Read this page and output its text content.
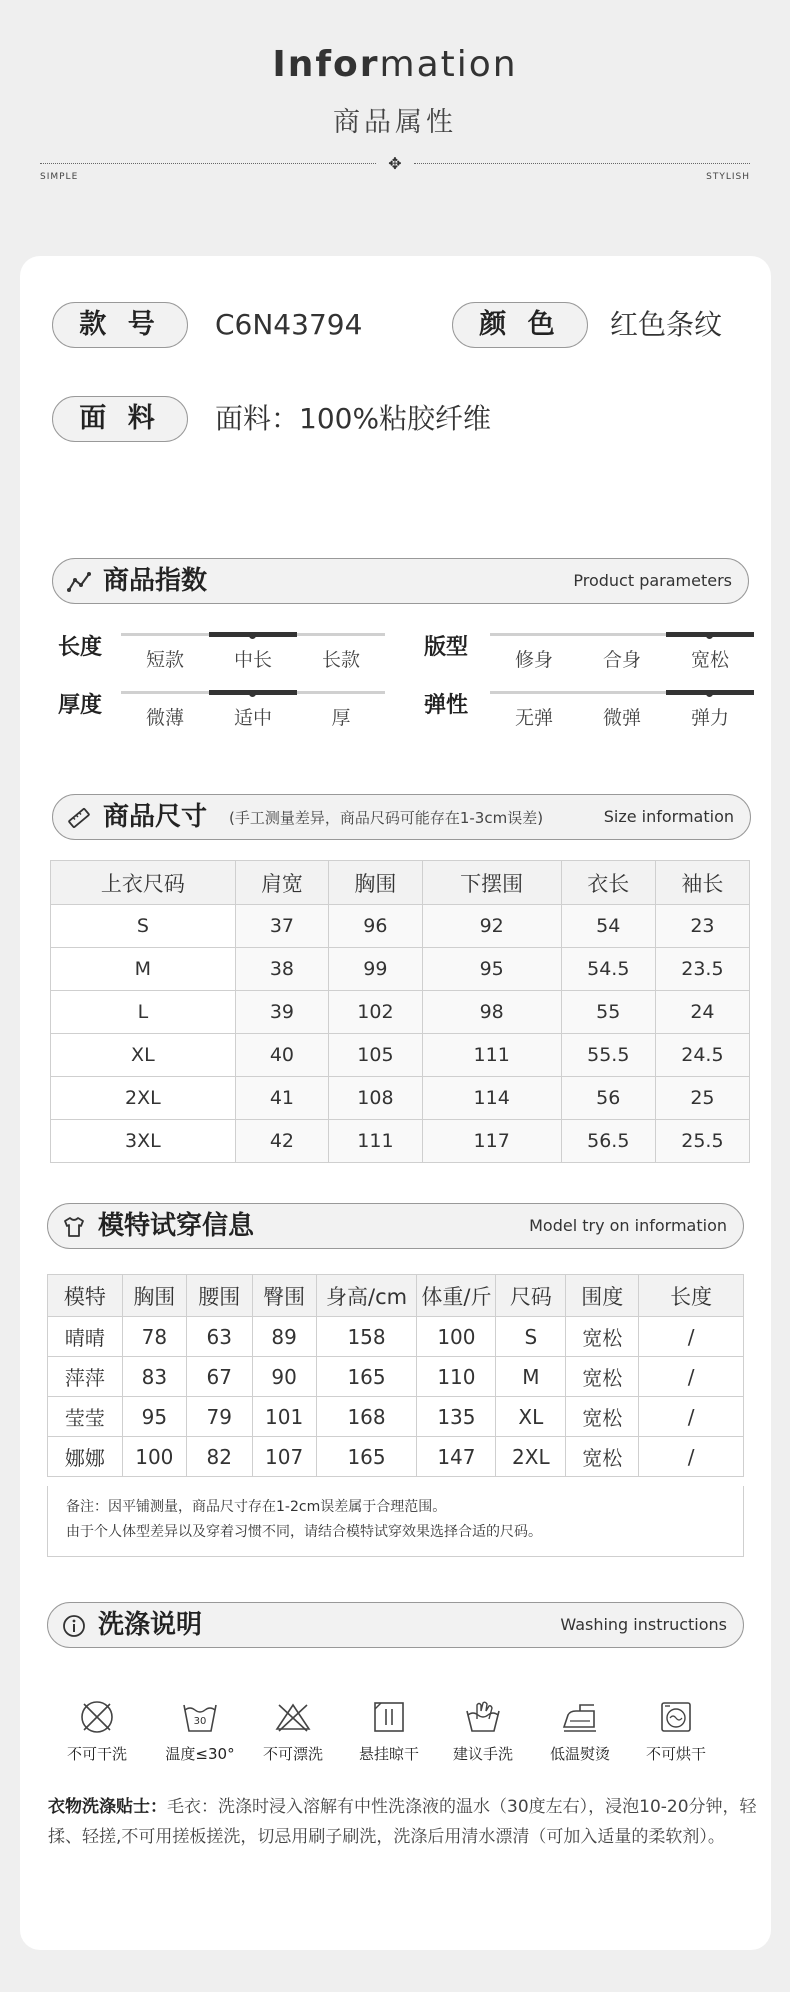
Information
商品属性
✥
SIMPLE	STYLISH
款 号	C6N43794	颜 色	红色条纹
面 料	面料：100%粘胶纤维
商品指数	Product parameters
长度	短款	中长	长款	版型	修身	合身	宽松
厚度	微薄	适中	厚	弹性	无弹	微弹	弹力
商品尺寸 (手工测量差异，商品尺码可能存在1-3cm误差)	Size information
上衣尺码	肩宽	胸围	下摆围	衣长	袖长
S	37	96	92	54	23
M	38	99	95	54.5	23.5
L	39	102	98	55	24
XL	40	105	111	55.5	24.5
2XL	41	108	114	56	25
3XL	42	111	117	56.5	25.5
模特试穿信息	Model try on information
模特	胸围	腰围	臀围	身高/cm	体重/斤	尺码	围度	长度
晴晴	78	63	89	158	100	S	宽松	/
萍萍	83	67	90	165	110	M	宽松	/
莹莹	95	79	101	168	135	XL	宽松	/
娜娜	100	82	107	165	147	2XL	宽松	/
备注：因平铺测量，商品尺寸存在1-2cm误差属于合理范围。
由于个人体型差异以及穿着习惯不同，请结合模特试穿效果选择合适的尺码。
洗涤说明	Washing instructions
不可干洗
30
温度≤30°	不可漂洗	悬挂晾干	建议手洗	低温熨烫	不可烘干
衣物洗涤贴士：毛衣：洗涤时浸入溶解有中性洗涤液的温水（30度左右），浸泡10-20分钟，轻揉、轻搓,不可用搓板搓洗，切忌用刷子刷洗，洗涤后用清水漂清（可加入适量的柔软剂）。
